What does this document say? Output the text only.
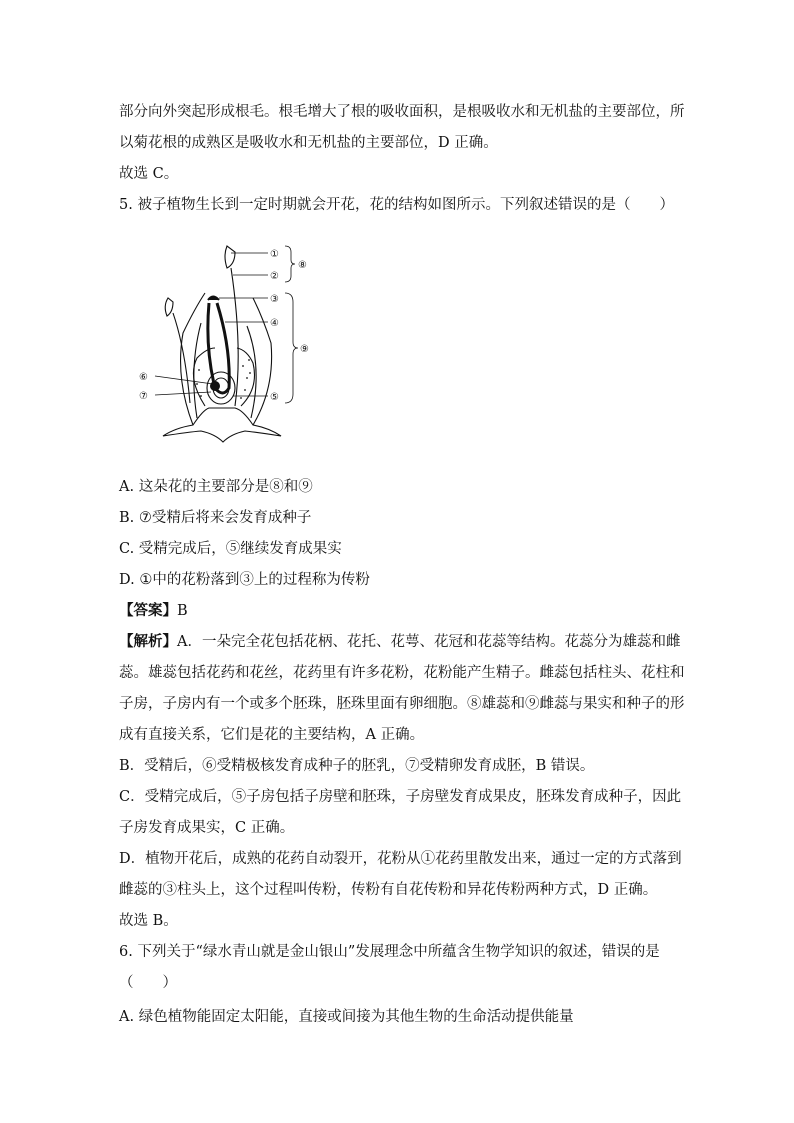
部分向外突起形成根毛。根毛增大了根的吸收面积，是根吸收水和无机盐的主要部位，所
以菊花根的成熟区是吸收水和无机盐的主要部位，D 正确。
故选 C。
5. 被子植物生长到一定时期就会开花，花的结构如图所示。下列叙述错误的是（　　）
①
②
③
④
⑤
⑥
⑦
⑧
⑨
A. 这朵花的主要部分是⑧和⑨
B. ⑦受精后将来会发育成种子
C. 受精完成后，⑤继续发育成果实
D. ①中的花粉落到③上的过程称为传粉
【答案】B
【解析】A．一朵完全花包括花柄、花托、花萼、花冠和花蕊等结构。花蕊分为雄蕊和雌
蕊。雄蕊包括花药和花丝，花药里有许多花粉，花粉能产生精子。雌蕊包括柱头、花柱和
子房，子房内有一个或多个胚珠，胚珠里面有卵细胞。⑧雄蕊和⑨雌蕊与果实和种子的形
成有直接关系，它们是花的主要结构，A 正确。
B．受精后，⑥受精极核发育成种子的胚乳，⑦受精卵发育成胚，B 错误。
C．受精完成后，⑤子房包括子房壁和胚珠，子房壁发育成果皮，胚珠发育成种子，因此
子房发育成果实，C 正确。
D．植物开花后，成熟的花药自动裂开，花粉从①花药里散发出来，通过一定的方式落到
雌蕊的③柱头上，这个过程叫传粉，传粉有自花传粉和异花传粉两种方式，D 正确。
故选 B。
6. 下列关于“绿水青山就是金山银山”发展理念中所蕴含生物学知识的叙述，错误的是
（　　）
A. 绿色植物能固定太阳能，直接或间接为其他生物的生命活动提供能量
